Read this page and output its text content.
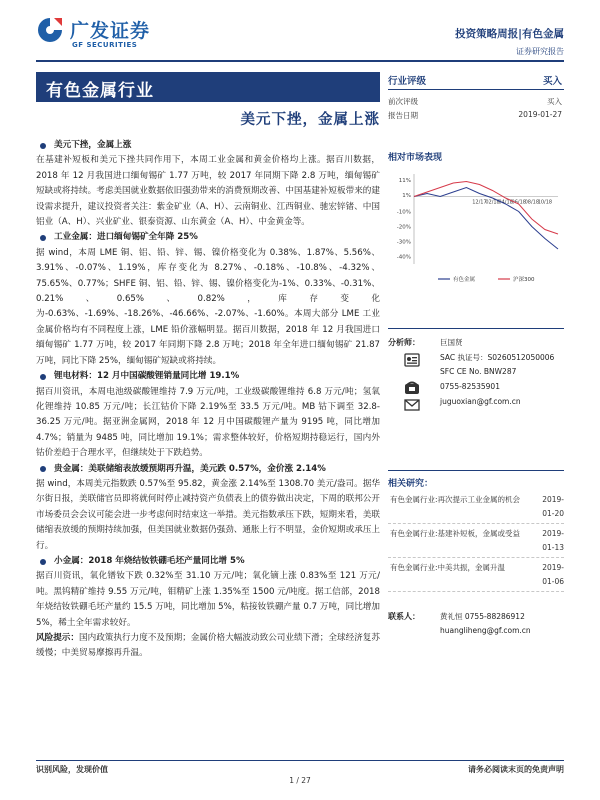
广发证券
GF SECURITIES
投资策略周报|有色金属
证券研究报告
有色金属行业
美元下挫，金属上涨
美元下挫，金属上涨
在基建补短板和美元下挫共同作用下，本周工业金属和黄金价格均上涨。据百川数据，2018 年 12 月我国进口缅甸锡矿 1.77 万吨，较 2017 年同期下降 2.8 万吨，缅甸锡矿短缺或将持续。考虑美国就业数据依旧强劲带来的消费预期改善、中国基建补短板带来的建设需求提升，建议投资者关注：紫金矿业（A、H）、云南铜业、江西铜业、驰宏锌锗、中国铝业（A、H）、兴业矿业、银泰资源、山东黄金（A、H）、中金黄金等。
工业金属：进口缅甸锡矿全年降 25%
据 wind，本周 LME 铜、铝、铅、锌、锡、镍价格变化为 0.38%、1.87%、5.56%、3.91%、-0.07%、1.19%，库存变化为 8.27%、-0.18%、-10.8%、-4.32%、75.65%、0.77%；SHFE 铜、铝、铅、锌、锡、镍价格变化为-1%、0.33%、-0.31%、0.21%、0.65%、0.82%，库存变化为-0.63%、-1.69%、-18.26%、-46.66%、-2.07%、-1.60%。本周大部分 LME 工业金属价格均有不同程度上涨，LME 铅价涨幅明显。据百川数据，2018 年 12 月我国进口缅甸锡矿 1.77 万吨，较 2017 年同期下降 2.8 万吨；2018 年全年进口缅甸锡矿 21.87 万吨，同比下降 25%，缅甸锡矿短缺或将持续。
锂电材料：12 月中国碳酸锂销量同比增 19.1%
据百川资讯，本周电池级碳酸锂维持 7.9 万元/吨，工业级碳酸锂维持 6.8 万元/吨；氢氧化锂维持 10.85 万元/吨；长江钴价下降 2.19%至 33.5 万元/吨。MB 钴下调至 32.8-36.25 万元/吨。据亚洲金属网，2018 年 12 月中国碳酸锂产量为 9195 吨，同比增加 4.7%；销量为 9485 吨，同比增加 19.1%；需求整体较好，价格短期持稳运行，国内外钴价差趋于合理水平，但继续处于下跌趋势。
贵金属：美联储缩表放缓预期再升温，美元跌 0.57%，金价涨 2.14%
据 wind，本周美元指数跌 0.57%至 95.82，黄金涨 2.14%至 1308.70 美元/盎司。据华尔街日报，美联储官员即将就何时停止减持资产负债表上的债券做出决定，下周的联邦公开市场委员会会议可能会进一步考虑何时结束这一举措。美元指数承压下跌，短期来看，美联储缩表放缓的预期持续加强，但美国就业数据仍强劲、通胀上行不明显，金价短期或承压上行。
小金属：2018 年烧结钕铁硼毛坯产量同比增 5%
据百川资讯，氧化镨钕下跌 0.32%至 31.10 万元/吨；氧化镝上涨 0.83%至 121 万元/吨。黑钨精矿维持 9.55 万元/吨，钼精矿上涨 1.35%至 1500 元/吨度。据工信部，2018 年烧结钕铁硼毛坯产量约 15.5 万吨，同比增加 5%，粘接钕铁硼产量 0.7 万吨，同比增加 5%，稀土全年需求较好。
风险提示：国内政策执行力度不及预期；金属价格大幅波动致公司业绩下滑；全球经济复苏缓慢；中美贸易摩擦再升温。
行业评级	买入
前次评级	买入
报告日期	2019-01-27
相对市场表现
11%
1%
-10%
-20%
-30%
-40%
12/17
02/18
04/18
06/18
08/18
10/18
有色金属	沪深300
分析师：	巨国贤
SAC 执证号：S0260512050006
SFC CE No. BNW287
0755-82535901
juguoxian@gf.com.cn
相关研究：
有色金属行业:再次提示工业金属的机会	2019-01-20
有色金属行业:基建补短板，金属或受益	2019-01-13
有色金属行业:中美共振，金属升温	2019-01-06
联系人：	黄礼恒 0755-88286912
huangliheng@gf.com.cn
识别风险，发现价值	请务必阅读末页的免责声明
1 / 27
